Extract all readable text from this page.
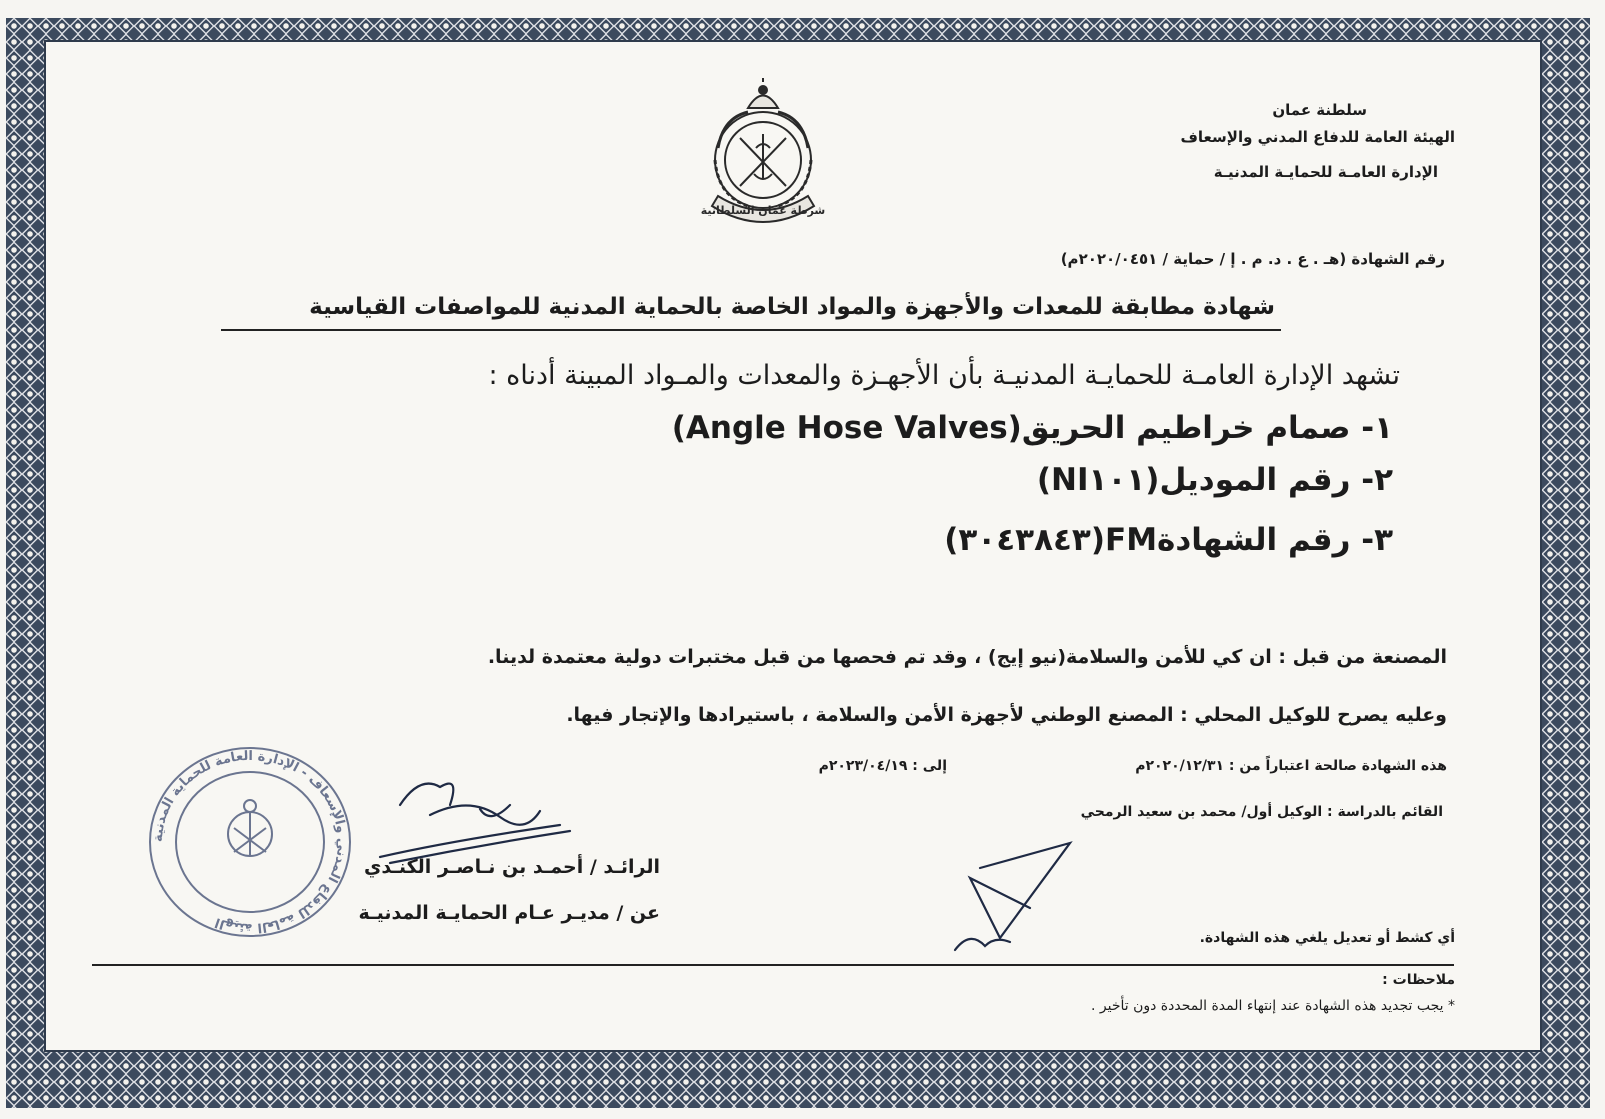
شرطة عمان السلطانية
سلطنة عمان
الهيئة العامة للدفاع المدني والإسعاف
الإدارة العامـة للحمايـة المدنيـة
رقم الشهادة (هـ . ع . د. م . إ / حماية / ٢٠٢٠/٠٤٥١م)
شهادة مطابقة للمعدات والأجهزة والمواد الخاصة بالحماية المدنية للمواصفات القياسية
تشهد الإدارة العامـة للحمايـة المدنيـة بأن الأجهـزة والمعدات والمـواد المبينة أدناه :
١- صمام خراطيم الحريق(Angle Hose Valves)
٢- رقم الموديل(NI١٠١)
٣- رقم الشهادة(٣٠٤٣٨٤٣)FM
المصنعة من قبل : ان كي للأمن والسلامة(نيو إيج) ، وقد تم فحصها من قبل مختبرات دولية معتمدة لدينا.
وعليه يصرح للوكيل المحلي : المصنع الوطني لأجهزة الأمن والسلامة ، باستيرادها والإتجار فيها.
هذه الشهادة صالحة اعتباراً من : ٢٠٢٠/١٢/٣١م
إلى : ٢٠٢٣/٠٤/١٩م
القائم بالدراسة : الوكيل أول/ محمد بن سعيد الرمحي
الهيئة العامة للدفاع المدني والإسعاف - الإدارة العامة للحماية المدنية
الرائـد / أحمـد بن نـاصـر الكنـدي
عن / مديـر عـام الحمايـة المدنيـة
أي كشط أو تعديل يلغي هذه الشهادة.
ملاحظات :
* يجب تجديد هذه الشهادة عند إنتهاء المدة المحددة دون تأخير .
